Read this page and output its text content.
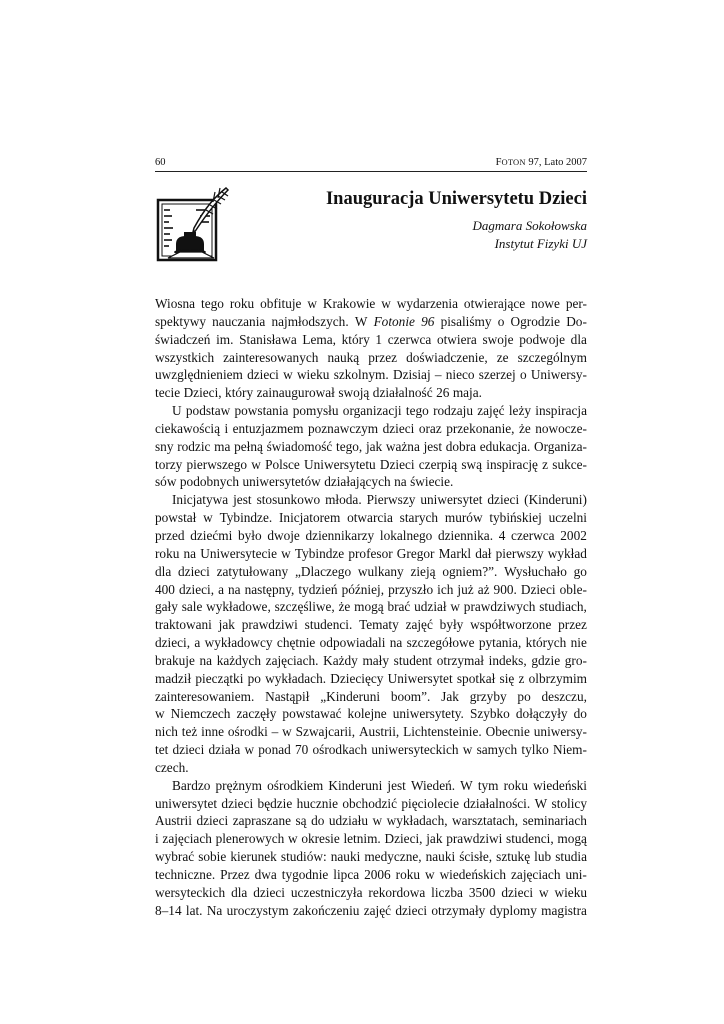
60	FOTON 97, Lato 2007
Inauguracja Uniwersytetu Dzieci
Dagmara Sokołowska
Instytut Fizyki UJ
Wiosna tego roku obfituje w Krakowie w wydarzenia otwierające nowe per-
spektywy nauczania najmłodszych. W Fotonie 96 pisaliśmy o Ogrodzie Do-
świadczeń im. Stanisława Lema, który 1 czerwca otwiera swoje podwoje dla
wszystkich zainteresowanych nauką przez doświadczenie, ze szczególnym
uwzględnieniem dzieci w wieku szkolnym. Dzisiaj – nieco szerzej o Uniwersy-
tecie Dzieci, który zainaugurował swoją działalność 26 maja.
U podstaw powstania pomysłu organizacji tego rodzaju zajęć leży inspiracja
ciekawością i entuzjazmem poznawczym dzieci oraz przekonanie, że nowocze-
sny rodzic ma pełną świadomość tego, jak ważna jest dobra edukacja. Organiza-
torzy pierwszego w Polsce Uniwersytetu Dzieci czerpią swą inspirację z sukce-
sów podobnych uniwersytetów działających na świecie.
Inicjatywa jest stosunkowo młoda. Pierwszy uniwersytet dzieci (Kinderuni)
powstał w Tybindze. Inicjatorem otwarcia starych murów tybińskiej uczelni
przed dziećmi było dwoje dziennikarzy lokalnego dziennika. 4 czerwca 2002
roku na Uniwersytecie w Tybindze profesor Gregor Markl dał pierwszy wykład
dla dzieci zatytułowany „Dlaczego wulkany zieją ogniem?”. Wysłuchało go
400 dzieci, a na następny, tydzień później, przyszło ich już aż 900. Dzieci oble-
gały sale wykładowe, szczęśliwe, że mogą brać udział w prawdziwych studiach,
traktowani jak prawdziwi studenci. Tematy zajęć były współtworzone przez
dzieci, a wykładowcy chętnie odpowiadali na szczegółowe pytania, których nie
brakuje na każdych zajęciach. Każdy mały student otrzymał indeks, gdzie gro-
madził pieczątki po wykładach. Dziecięcy Uniwersytet spotkał się z olbrzymim
zainteresowaniem. Nastąpił „Kinderuni boom”. Jak grzyby po deszczu,
w Niemczech zaczęły powstawać kolejne uniwersytety. Szybko dołączyły do
nich też inne ośrodki – w Szwajcarii, Austrii, Lichtensteinie. Obecnie uniwersy-
tet dzieci działa w ponad 70 ośrodkach uniwersyteckich w samych tylko Niem-
czech.
Bardzo prężnym ośrodkiem Kinderuni jest Wiedeń. W tym roku wiedeński
uniwersytet dzieci będzie hucznie obchodzić pięciolecie działalności. W stolicy
Austrii dzieci zapraszane są do udziału w wykładach, warsztatach, seminariach
i zajęciach plenerowych w okresie letnim. Dzieci, jak prawdziwi studenci, mogą
wybrać sobie kierunek studiów: nauki medyczne, nauki ścisłe, sztukę lub studia
techniczne. Przez dwa tygodnie lipca 2006 roku w wiedeńskich zajęciach uni-
wersyteckich dla dzieci uczestniczyła rekordowa liczba 3500 dzieci w wieku
8–14 lat. Na uroczystym zakończeniu zajęć dzieci otrzymały dyplomy magistra
